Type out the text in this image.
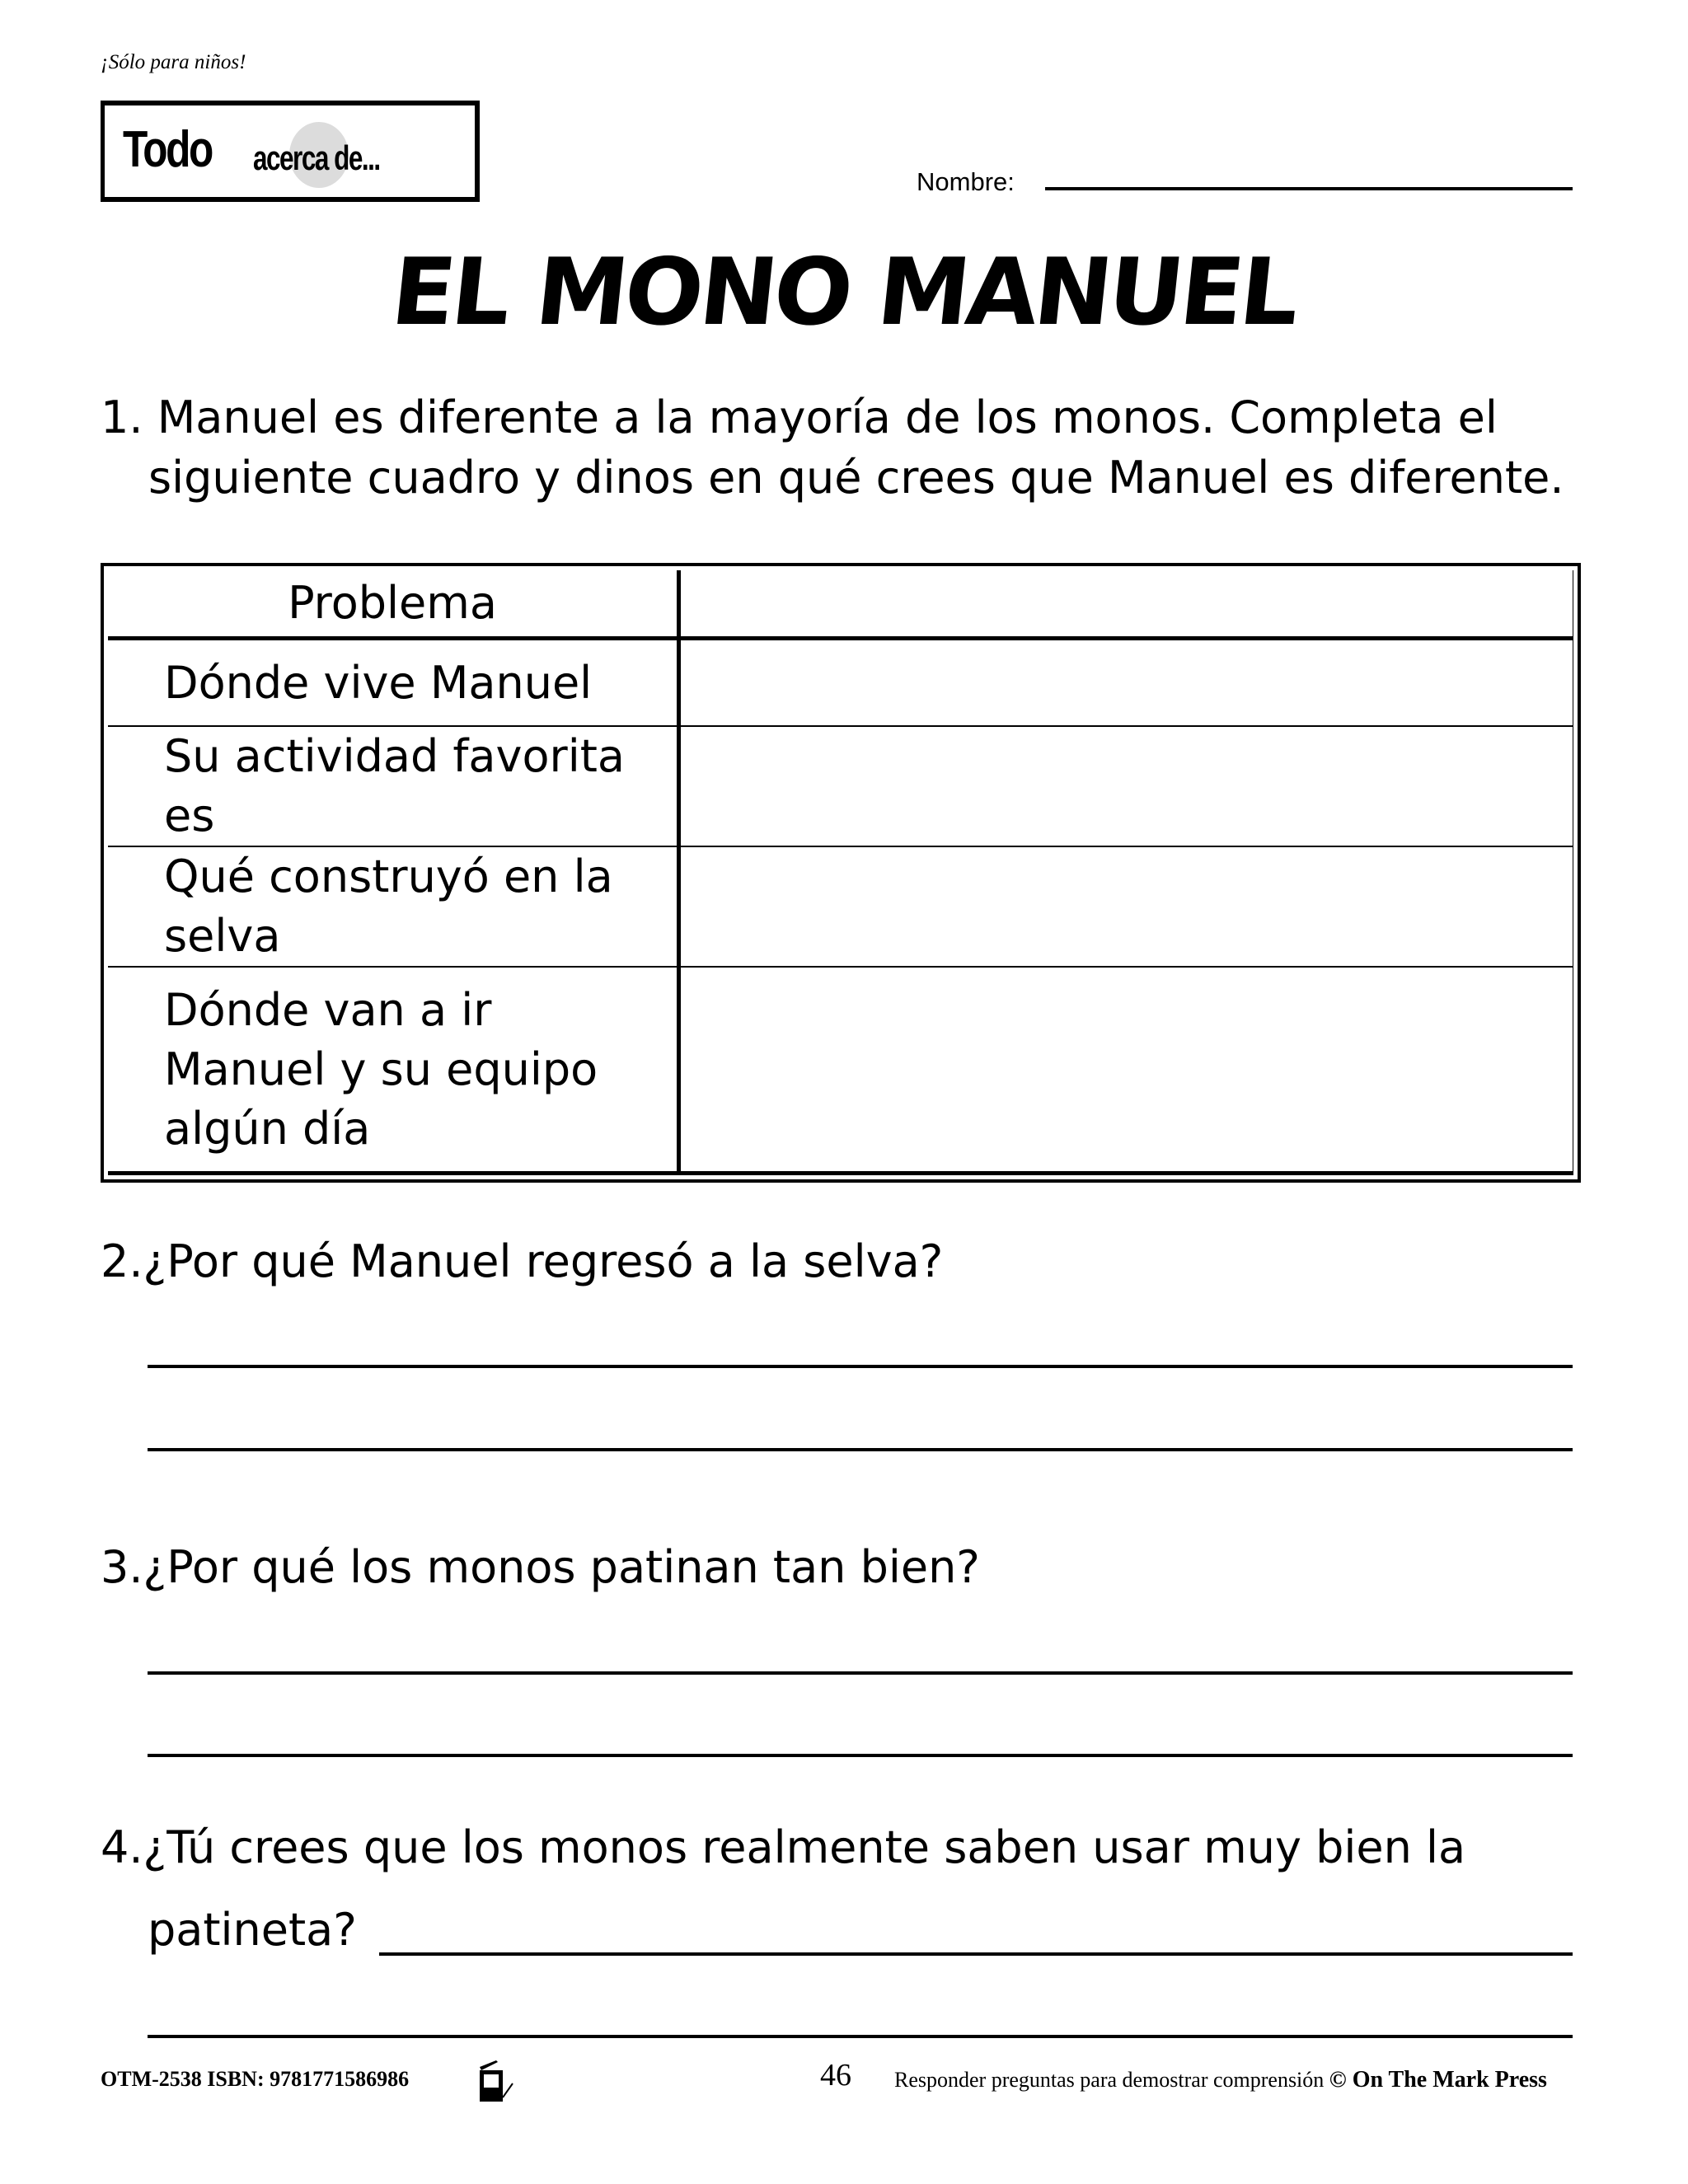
¡Sólo para niños!
Todo acerca de...
Nombre:
EL MONO MANUEL
1. Manuel es diferente a la mayoría de los monos. Completa el
siguiente cuadro y dinos en qué crees que Manuel es diferente.
Problema	
Dónde vive Manuel	
Su actividad favorita es	
Qué construyó en la selva	
Dónde van a ir Manuel y su equipo algún día	
2.¿Por qué Manuel regresó a la selva?
3.¿Por qué los monos patinan tan bien?
4.¿Tú crees que los monos realmente saben usar muy bien la
patineta?
OTM-2538 ISBN: 9781771586986	46 Responder preguntas para demostrar comprensión © On The Mark Press
